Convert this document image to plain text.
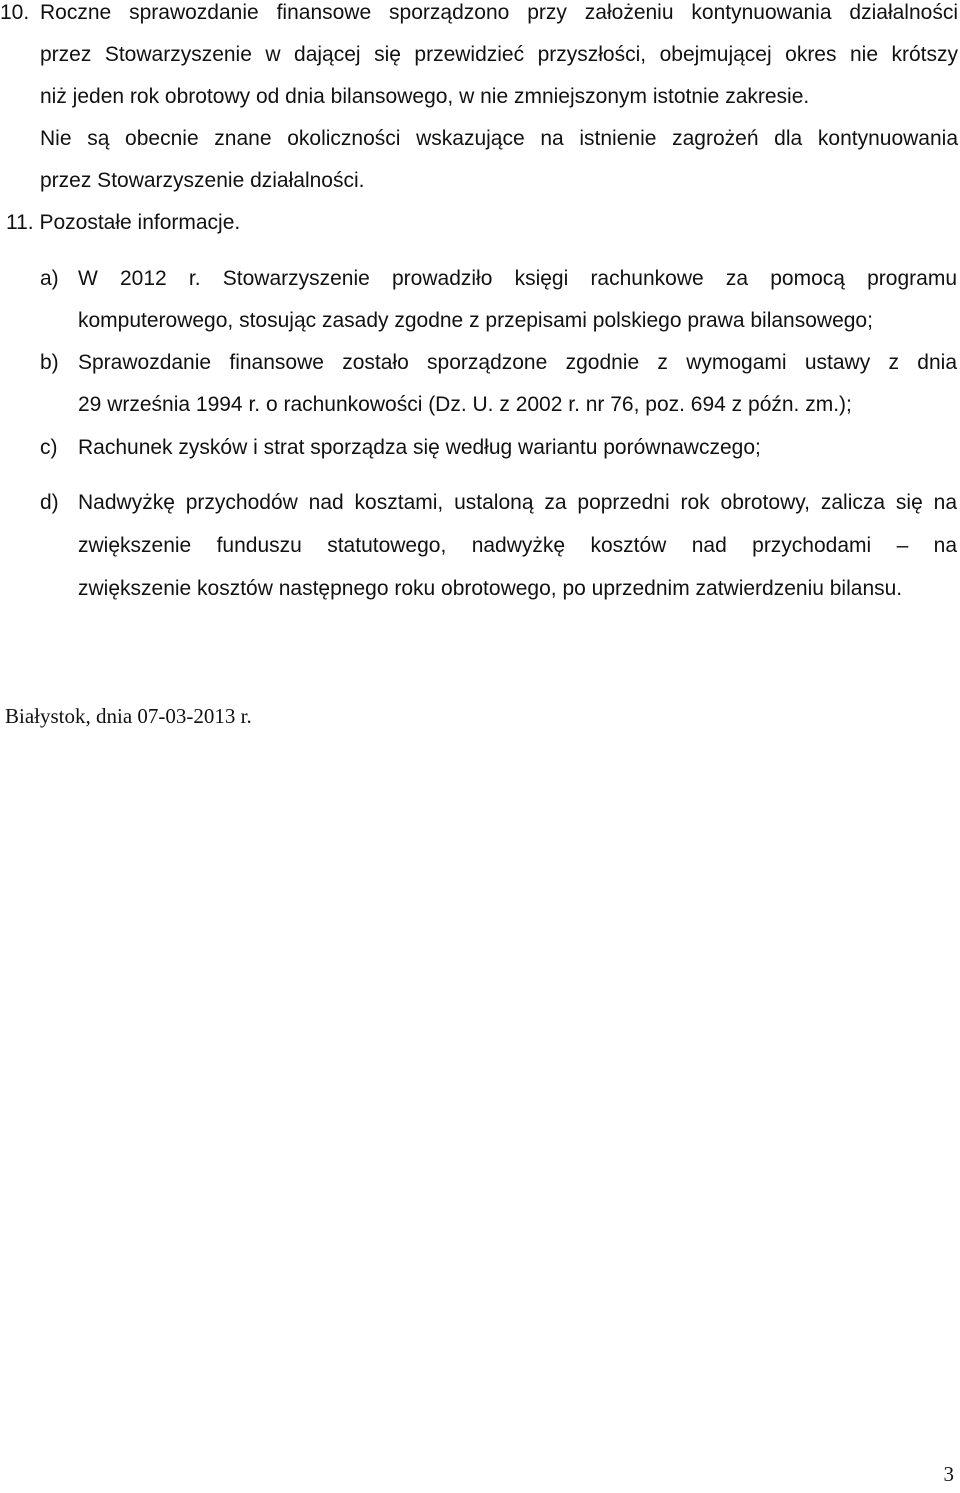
10. Roczne sprawozdanie finansowe sporządzono przy założeniu kontynuowania działalności
przez Stowarzyszenie w dającej się przewidzieć przyszłości, obejmującej okres nie krótszy
niż jeden rok obrotowy od dnia bilansowego, w nie zmniejszonym istotnie zakresie.
Nie są obecnie znane okoliczności wskazujące na istnienie zagrożeń dla kontynuowania
przez Stowarzyszenie działalności.
11. Pozostałe informacje.
a) W 2012 r. Stowarzyszenie prowadziło księgi rachunkowe za pomocą programu
komputerowego, stosując zasady zgodne z przepisami polskiego prawa bilansowego;
b) Sprawozdanie finansowe zostało sporządzone zgodnie z wymogami ustawy z dnia
29 września 1994 r. o rachunkowości (Dz. U. z 2002 r. nr 76, poz. 694 z późn. zm.);
c) Rachunek zysków i strat sporządza się według wariantu porównawczego;
d) Nadwyżkę przychodów nad kosztami, ustaloną za poprzedni rok obrotowy, zalicza się na
zwiększenie funduszu statutowego, nadwyżkę kosztów nad przychodami – na
zwiększenie kosztów następnego roku obrotowego, po uprzednim zatwierdzeniu bilansu.
Białystok, dnia 07-03-2013 r.
3
